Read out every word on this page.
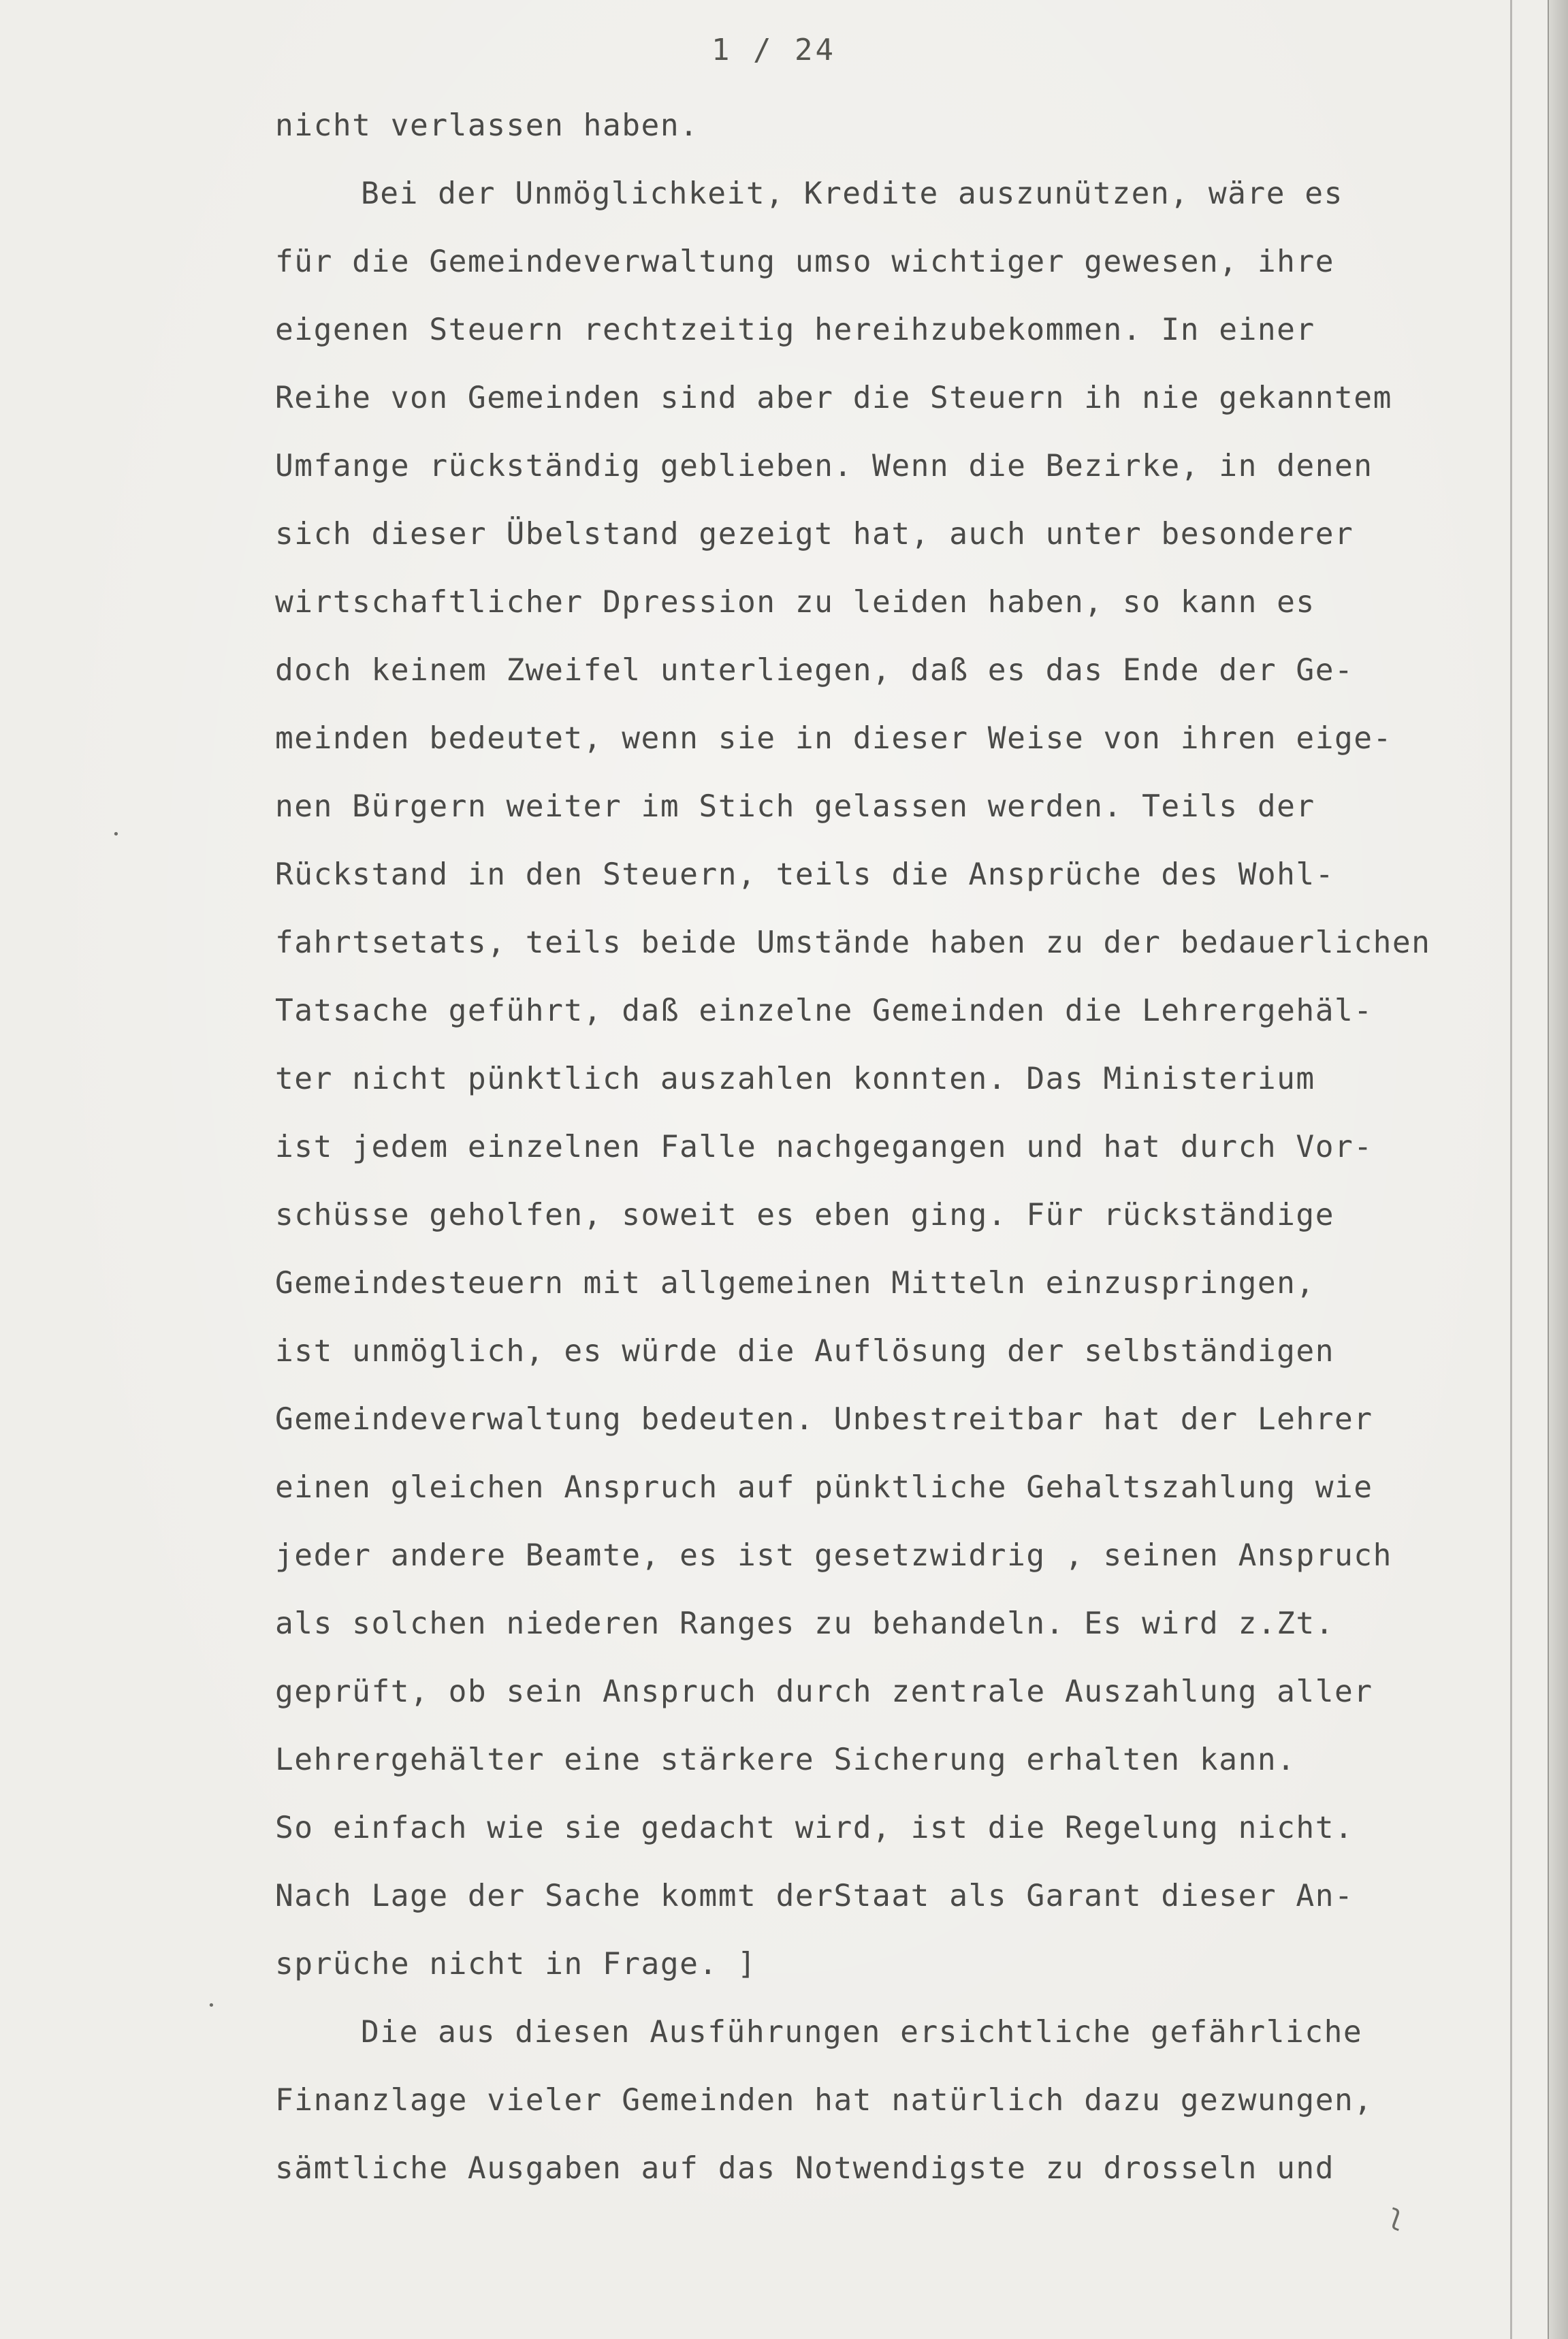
1 / 24
nicht verlassen haben.
Bei der Unmöglichkeit, Kredite auszunützen, wäre es
für die Gemeindeverwaltung umso wichtiger gewesen, ihre
eigenen Steuern rechtzeitig hereihzubekommen. In einer
Reihe von Gemeinden sind aber die Steuern ih nie gekanntem
Umfange rückständig geblieben. Wenn die Bezirke, in denen
sich dieser Übelstand gezeigt hat, auch unter besonderer
wirtschaftlicher Dpression zu leiden haben, so kann es
doch keinem Zweifel unterliegen, daß es das Ende der Ge-
meinden bedeutet, wenn sie in dieser Weise von ihren eige-
nen Bürgern weiter im Stich gelassen werden. Teils der
Rückstand in den Steuern, teils die Ansprüche des Wohl-
fahrtsetats, teils beide Umstände haben zu der bedauerlichen
Tatsache geführt, daß einzelne Gemeinden die Lehrergehäl-
ter nicht pünktlich auszahlen konnten. Das Ministerium
ist jedem einzelnen Falle nachgegangen und hat durch Vor-
schüsse geholfen, soweit es eben ging. Für rückständige
Gemeindesteuern mit allgemeinen Mitteln einzuspringen,
ist unmöglich, es würde die Auflösung der selbständigen
Gemeindeverwaltung bedeuten. Unbestreitbar hat der Lehrer
einen gleichen Anspruch auf pünktliche Gehaltszahlung wie
jeder andere Beamte, es ist gesetzwidrig , seinen Anspruch
als solchen niederen Ranges zu behandeln. Es wird z.Zt.
geprüft, ob sein Anspruch durch zentrale Auszahlung aller
Lehrergehälter eine stärkere Sicherung erhalten kann.
So einfach wie sie gedacht wird, ist die Regelung nicht.
Nach Lage der Sache kommt derStaat als Garant dieser An-
sprüche nicht in Frage. ]
Die aus diesen Ausführungen ersichtliche gefährliche
Finanzlage vieler Gemeinden hat natürlich dazu gezwungen,
sämtliche Ausgaben auf das Notwendigste zu drosseln und
ʅ
•
•
